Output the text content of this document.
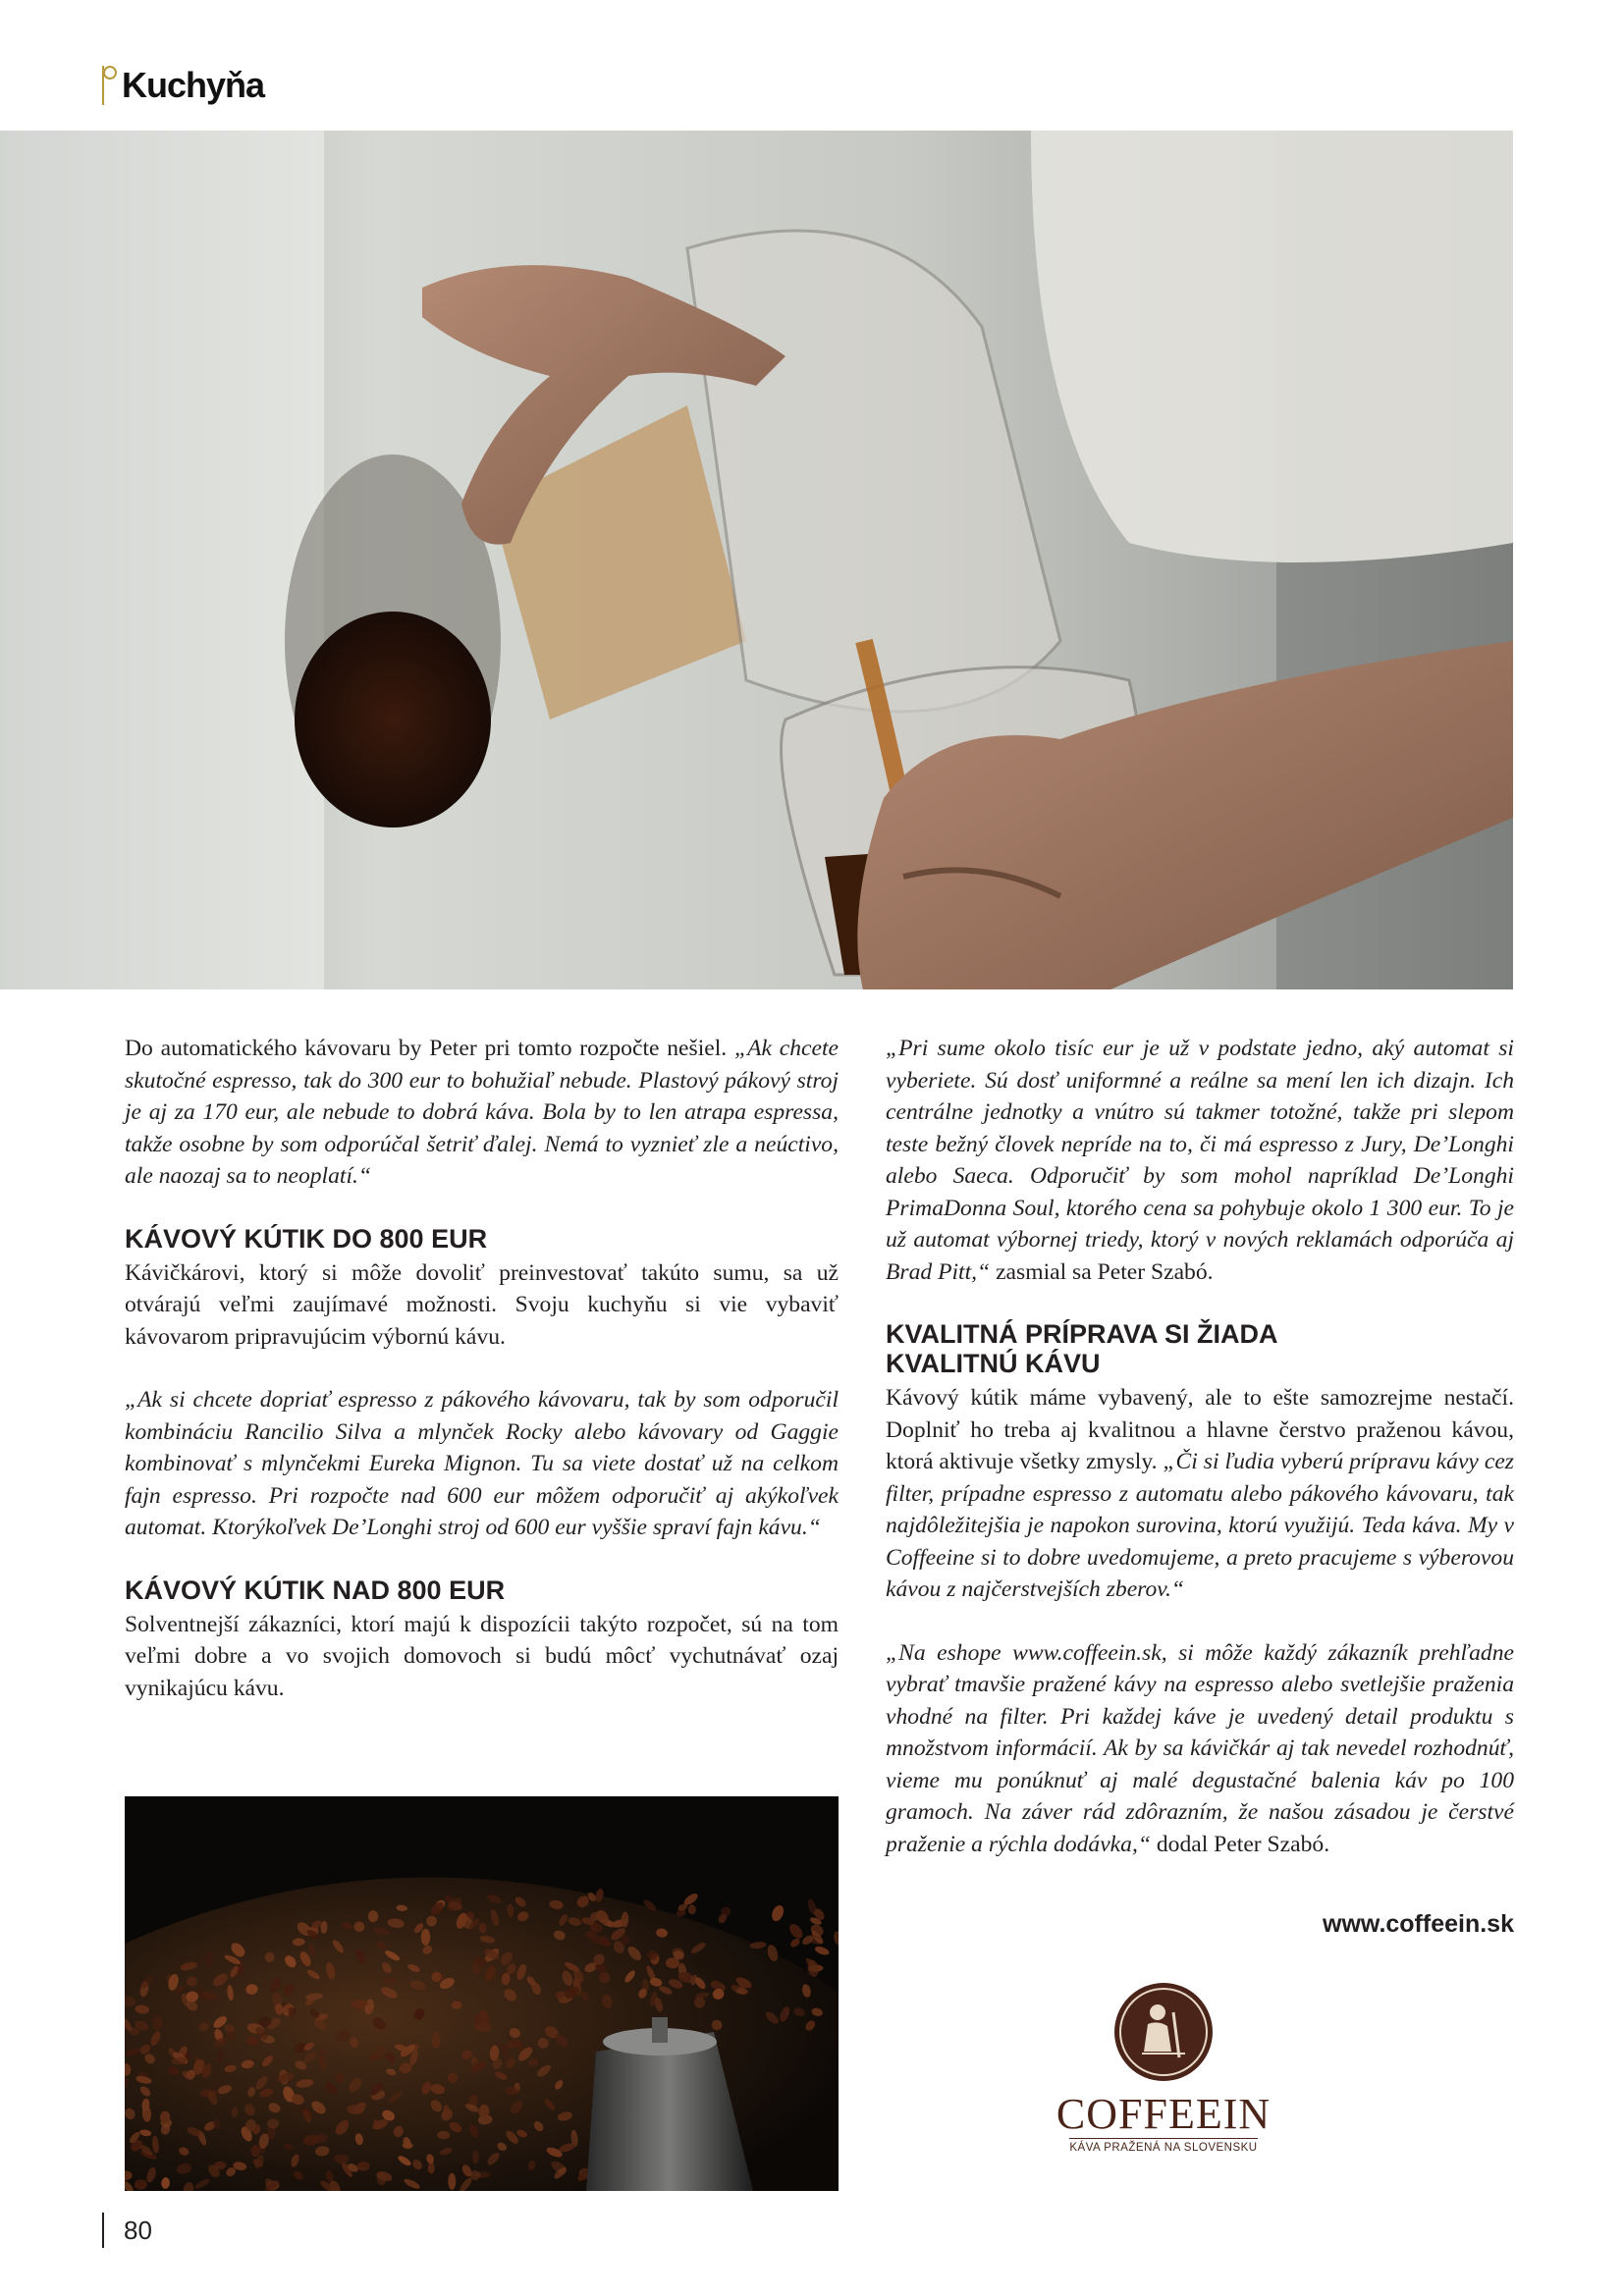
Kuchyňa

Do automatického kávovaru by Peter pri tomto rozpočte nešiel. „Ak chcete skutočné espresso, tak do 300 eur to bohužiaľ nebude. Plastový pákový stroj je aj za 170 eur, ale nebude to dobrá káva. Bola by to len atrapa espressa, takže osobne by som odporúčal šetriť ďalej. Nemá to vyznieť zle a neúctivo, ale naozaj sa to neoplatí.“

KÁVOVÝ KÚTIK DO 800 EUR

Kávičkárovi, ktorý si môže dovoliť preinvestovať takúto sumu, sa už otvárajú veľmi zaujímavé možnosti. Svoju kuchyňu si vie vybaviť kávovarom pripravujúcim výbornú kávu.

„Ak si chcete dopriať espresso z pákového kávovaru, tak by som odporučil kombináciu Rancilio Silva a mlynček Rocky alebo kávovary od Gaggie kombinovať s mlynčekmi Eureka Mignon. Tu sa viete dostať už na celkom fajn espresso. Pri rozpočte nad 600 eur môžem odporučiť aj akýkoľvek automat. Ktorýkoľvek De’Longhi stroj od 600 eur vyššie spraví fajn kávu.“

KÁVOVÝ KÚTIK NAD 800 EUR

Solventnejší zákazníci, ktorí majú k dispozícii takýto rozpočet, sú na tom veľmi dobre a vo svojich domovoch si budú môcť vychutnávať ozaj vynikajúcu kávu.

„Pri sume okolo tisíc eur je už v podstate jedno, aký automat si vyberiete. Sú dosť uniformné a reálne sa mení len ich dizajn. Ich centrálne jednotky a vnútro sú takmer totožné, takže pri slepom teste bežný človek nepríde na to, či má espresso z Jury, De’Longhi alebo Saeca. Odporučiť by som mohol napríklad De’Longhi PrimaDonna Soul, ktorého cena sa pohybuje okolo 1 300 eur. To je už automat výbornej triedy, ktorý v nových reklamách odporúča aj Brad Pitt,“ zasmial sa Peter Szabó.

KVALITNÁ PRÍPRAVA SI ŽIADA
KVALITNÚ KÁVU

Kávový kútik máme vybavený, ale to ešte samozrejme nestačí. Doplniť ho treba aj kvalitnou a hlavne čerstvo praženou kávou, ktorá aktivuje všetky zmysly. „Či si ľudia vyberú prípravu kávy cez filter, prípadne espresso z automatu alebo pákového kávovaru, tak najdôležitejšia je napokon surovina, ktorú využijú. Teda káva. My v Coffeeine si to dobre uvedomujeme, a preto pracujeme s výberovou kávou z najčerstvejších zberov.“

„Na eshope www.coffeein.sk, si môže každý zákazník prehľadne vybrať tmavšie pražené kávy na espresso alebo svetlejšie praženia vhodné na filter. Pri každej káve je uvedený detail produktu s množstvom informácií. Ak by sa kávičkár aj tak nevedel rozhodnúť, vieme mu ponúknuť aj malé degustačné balenia káv po 100 gramoch. Na záver rád zdôrazním, že našou zásadou je čerstvé praženie a rýchla dodávka,“ dodal Peter Szabó.

www.coffeein.sk
COFFEEIN
KÁVA PRAŽENÁ NA SLOVENSKU
80
